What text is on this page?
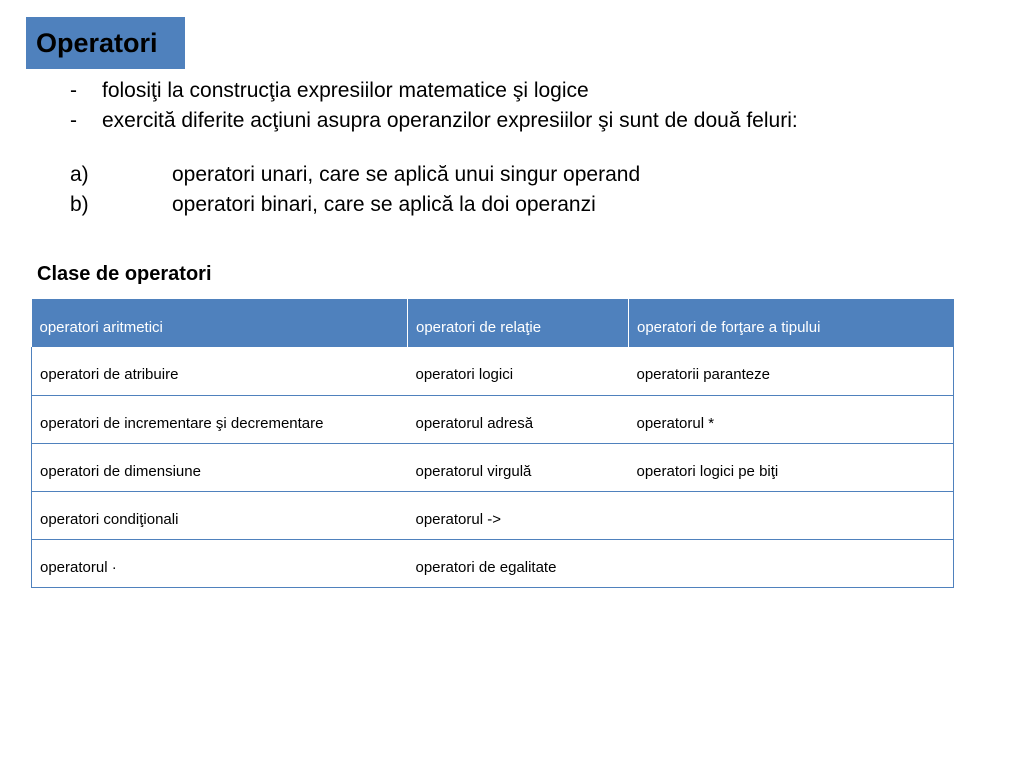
Operatori
-	folosiţi la construcţia expresiilor matematice şi logice
-	exercită diferite acţiuni asupra operanzilor expresiilor şi sunt de două feluri:
a)	operatori unari, care se aplică unui singur operand
b)	operatori binari, care se aplică la doi operanzi
Clase de operatori
operatori aritmetici	operatori de relaţie	operatori de forţare a tipului
operatori de atribuire	operatori logici	operatorii paranteze
operatori de incrementare şi decrementare	operatorul adresă	operatorul *
operatori de dimensiune	operatorul virgulă	operatori logici pe biţi
operatori condiţionali	operatorul ->	
operatorul ·	operatori de egalitate	
